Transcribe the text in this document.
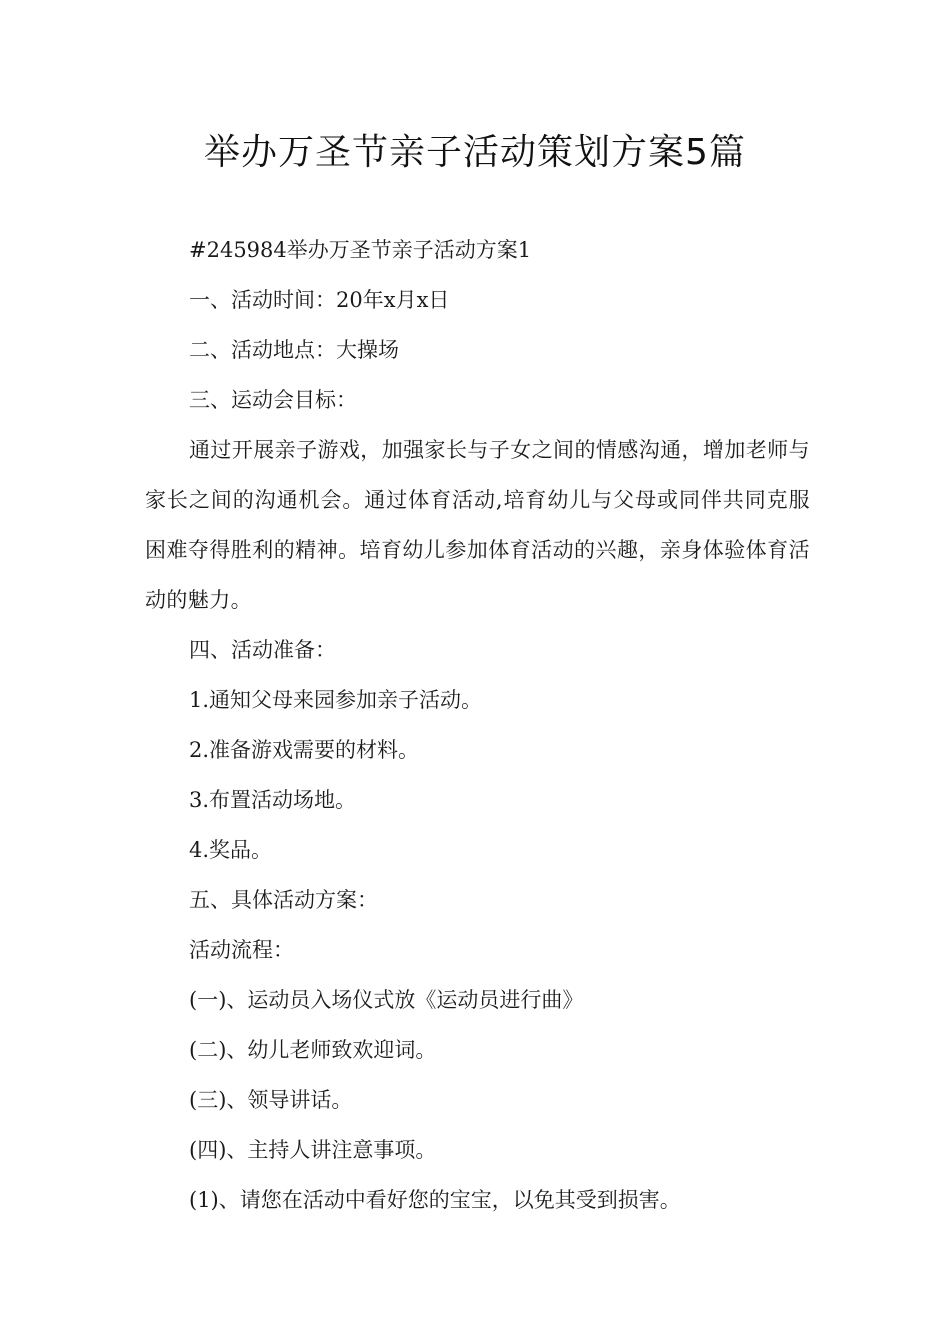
举办万圣节亲子活动策划方案5篇

#245984举办万圣节亲子活动方案1

一、活动时间：20年x月x日

二、活动地点：大操场

三、运动会目标：

通过开展亲子游戏，加强家长与子女之间的情感沟通，增加老师与家长之间的沟通机会。通过体育活动,培育幼儿与父母或同伴共同克服困难夺得胜利的精神。培育幼儿参加体育活动的兴趣，亲身体验体育活动的魅力。

四、活动准备：

1.通知父母来园参加亲子活动。

2.准备游戏需要的材料。

3.布置活动场地。

4.奖品。

五、具体活动方案：

活动流程：

(一)、运动员入场仪式放《运动员进行曲》

(二)、幼儿老师致欢迎词。

(三)、领导讲话。

(四)、主持人讲注意事项。

(1)、请您在活动中看好您的宝宝，以免其受到损害。
